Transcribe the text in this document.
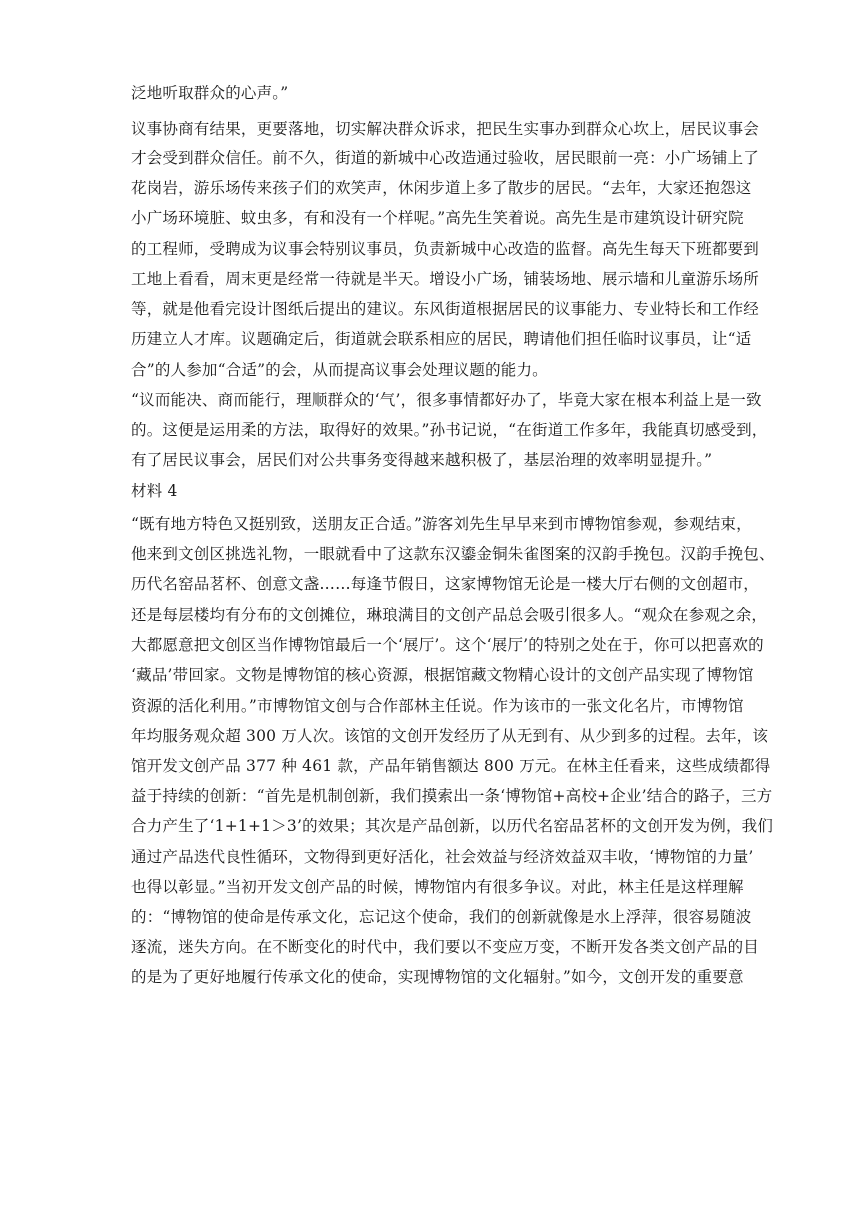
泛地听取群众的心声。”
议事协商有结果，更要落地，切实解决群众诉求，把民生实事办到群众心坎上，居民议事会
才会受到群众信任。前不久，街道的新城中心改造通过验收，居民眼前一亮：小广场铺上了
花岗岩，游乐场传来孩子们的欢笑声，休闲步道上多了散步的居民。“去年，大家还抱怨这
小广场环境脏、蚊虫多，有和没有一个样呢。”高先生笑着说。高先生是市建筑设计研究院
的工程师，受聘成为议事会特别议事员，负责新城中心改造的监督。高先生每天下班都要到
工地上看看，周末更是经常一待就是半天。增设小广场，铺装场地、展示墙和儿童游乐场所
等，就是他看完设计图纸后提出的建议。东风街道根据居民的议事能力、专业特长和工作经
历建立人才库。议题确定后，街道就会联系相应的居民，聘请他们担任临时议事员，让“适
合”的人参加“合适”的会，从而提高议事会处理议题的能力。
“议而能决、商而能行，理顺群众的‘气’，很多事情都好办了，毕竟大家在根本利益上是一致
的。这便是运用柔的方法，取得好的效果。”孙书记说，“在街道工作多年，我能真切感受到，
有了居民议事会，居民们对公共事务变得越来越积极了，基层治理的效率明显提升。”
材料 4
“既有地方特色又挺别致，送朋友正合适。”游客刘先生早早来到市博物馆参观，参观结束，
他来到文创区挑选礼物，一眼就看中了这款东汉鎏金铜朱雀图案的汉韵手挽包。汉韵手挽包、
历代名窑品茗杯、创意文盏……每逢节假日，这家博物馆无论是一楼大厅右侧的文创超市，
还是每层楼均有分布的文创摊位，琳琅满目的文创产品总会吸引很多人。“观众在参观之余，
大都愿意把文创区当作博物馆最后一个‘展厅’。这个‘展厅’的特别之处在于，你可以把喜欢的
‘藏品’带回家。文物是博物馆的核心资源，根据馆藏文物精心设计的文创产品实现了博物馆
资源的活化利用。”市博物馆文创与合作部林主任说。作为该市的一张文化名片，市博物馆
年均服务观众超 300 万人次。该馆的文创开发经历了从无到有、从少到多的过程。去年，该
馆开发文创产品 377 种 461 款，产品年销售额达 800 万元。在林主任看来，这些成绩都得
益于持续的创新：“首先是机制创新，我们摸索出一条‘博物馆+高校+企业’结合的路子，三方
合力产生了‘1+1+1＞3’的效果；其次是产品创新，以历代名窑品茗杯的文创开发为例，我们
通过产品迭代良性循环，文物得到更好活化，社会效益与经济效益双丰收，‘博物馆的力量’
也得以彰显。”当初开发文创产品的时候，博物馆内有很多争议。对此，林主任是这样理解
的：“博物馆的使命是传承文化，忘记这个使命，我们的创新就像是水上浮萍，很容易随波
逐流，迷失方向。在不断变化的时代中，我们要以不变应万变，不断开发各类文创产品的目
的是为了更好地履行传承文化的使命，实现博物馆的文化辐射。”如今，文创开发的重要意
